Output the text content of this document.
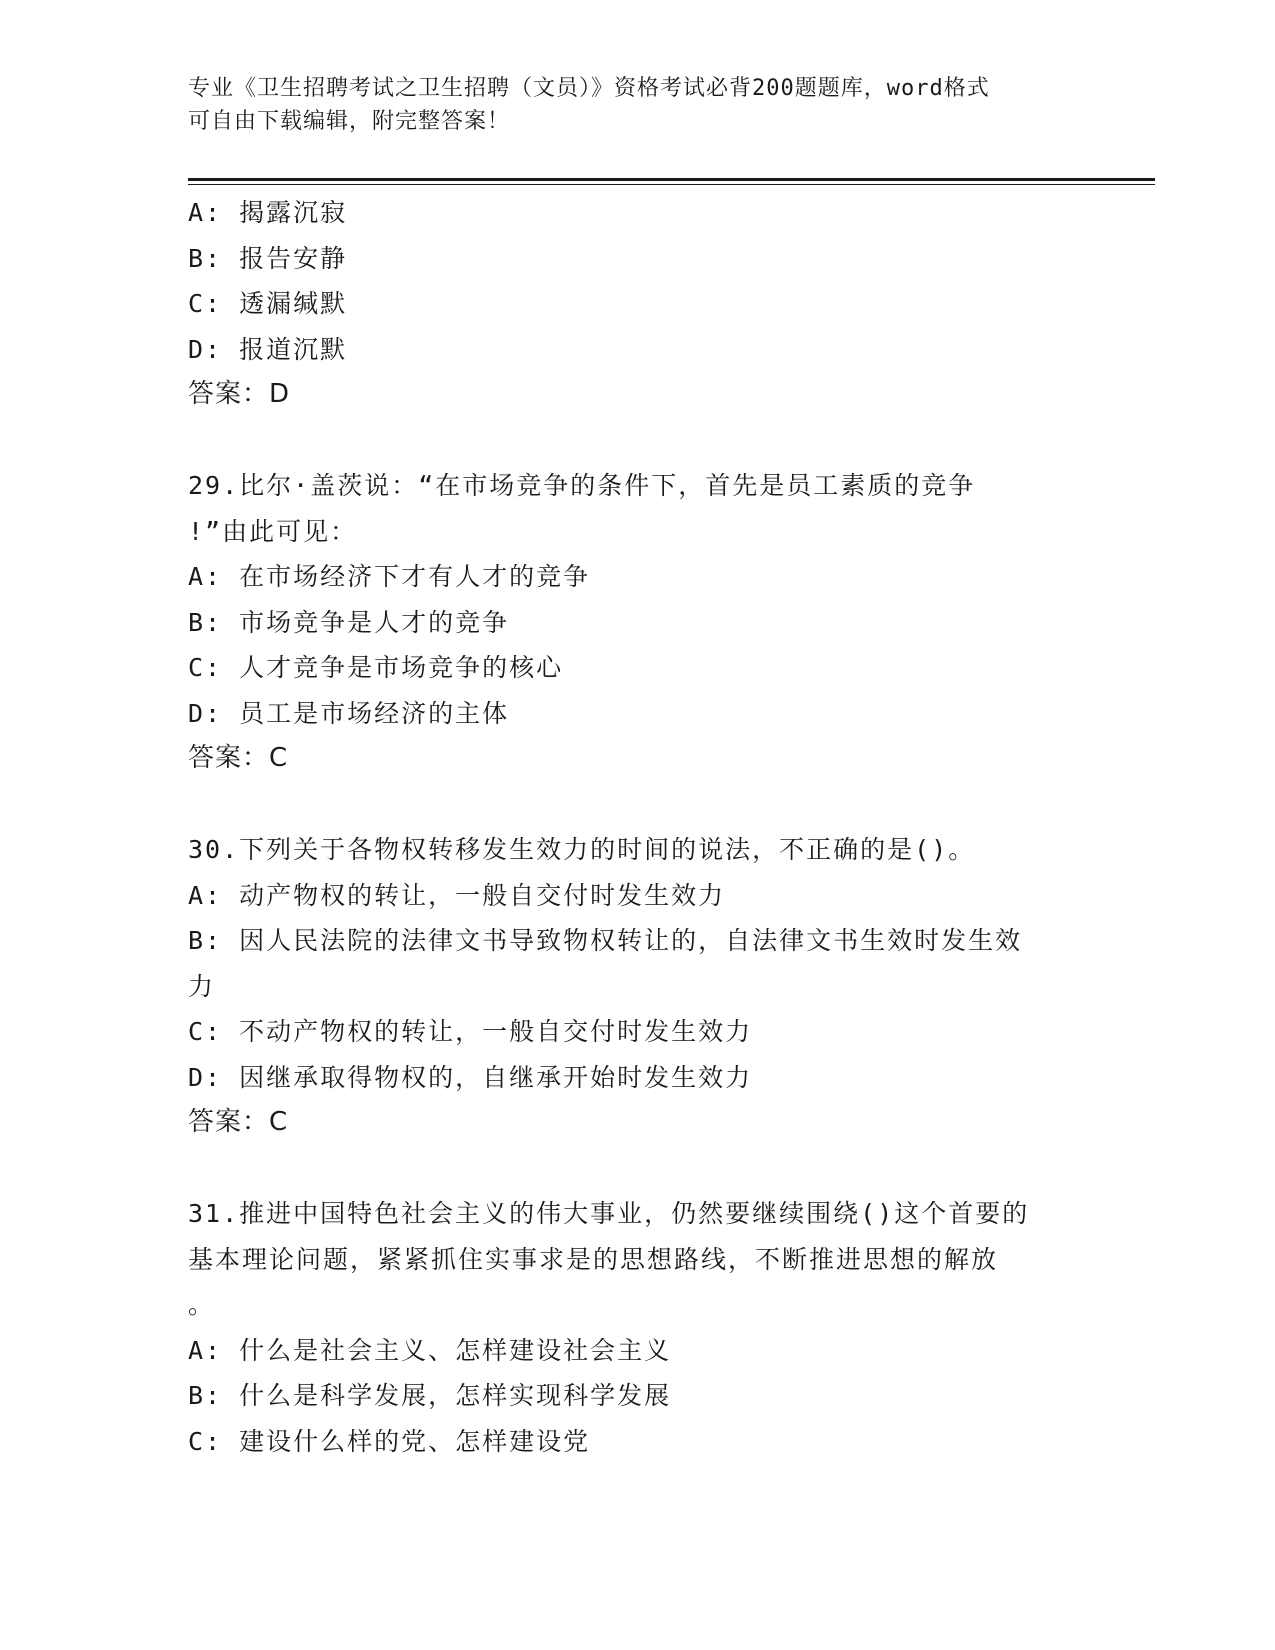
专业《卫生招聘考试之卫生招聘（文员）》资格考试必背200题题库，word格式
可自由下载编辑，附完整答案！
A: 揭露沉寂
B: 报告安静
C: 透漏缄默
D: 报道沉默
答案：D
29.比尔·盖茨说：“在市场竞争的条件下，首先是员工素质的竞争
!”由此可见：
A: 在市场经济下才有人才的竞争
B: 市场竞争是人才的竞争
C: 人才竞争是市场竞争的核心
D: 员工是市场经济的主体
答案：C
30.下列关于各物权转移发生效力的时间的说法，不正确的是()。
A: 动产物权的转让，一般自交付时发生效力
B: 因人民法院的法律文书导致物权转让的，自法律文书生效时发生效
力
C: 不动产物权的转让，一般自交付时发生效力
D: 因继承取得物权的，自继承开始时发生效力
答案：C
31.推进中国特色社会主义的伟大事业，仍然要继续围绕()这个首要的
基本理论问题，紧紧抓住实事求是的思想路线，不断推进思想的解放
。
A: 什么是社会主义、怎样建设社会主义
B: 什么是科学发展，怎样实现科学发展
C: 建设什么样的党、怎样建设党
